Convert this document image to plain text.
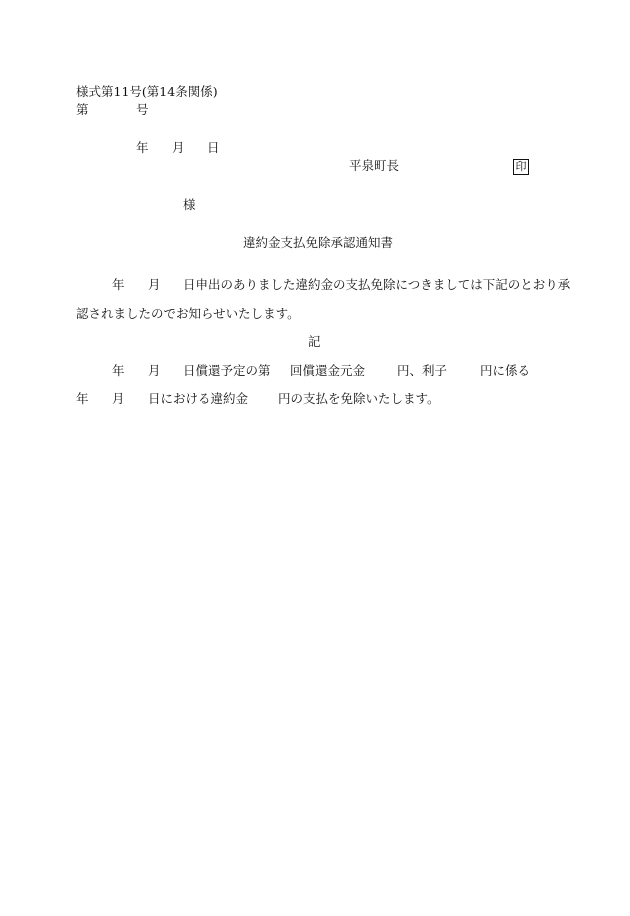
様式第11号(第14条関係)
第	号
年 月 日
平泉町長	印
様
違約金支払免除承認通知書
年 月 日申出のありました違約金の支払免除につきましては下記のとおり承
認されましたのでお知らせいたします。
記
年 月 日償還予定の第 回償還金元金	円、利子	円に係る
年 月 日における違約金 円の支払を免除いたします。
